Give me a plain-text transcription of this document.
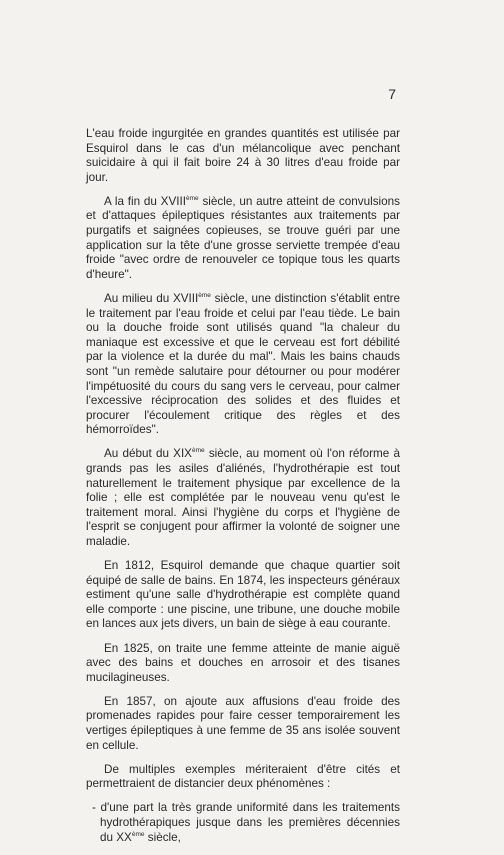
7

L'eau froide ingurgitée en grandes quantités est utilisée par Esquirol dans le cas d'un mélancolique avec penchant suicidaire à qui il fait boire 24 à 30 litres d'eau froide par jour.

A la fin du XVIIIème siècle, un autre atteint de convulsions et d'attaques épileptiques résistantes aux traitements par purgatifs et saignées copieuses, se trouve guéri par une application sur la tête d'une grosse serviette trempée d'eau froide "avec ordre de renouveler ce topique tous les quarts d'heure".

Au milieu du XVIIIème siècle, une distinction s'établit entre le traitement par l'eau froide et celui par l'eau tiède. Le bain ou la douche froide sont utilisés quand "la chaleur du maniaque est excessive et que le cerveau est fort débilité par la violence et la durée du mal". Mais les bains chauds sont "un remède salutaire pour détourner ou pour modérer l'impétuosité du cours du sang vers le cerveau, pour calmer l'excessive réciprocation des solides et des fluides et procurer l'écoulement critique des règles et des hémorroïdes".

Au début du XIXème siècle, au moment où l'on réforme à grands pas les asiles d'aliénés, l'hydrothérapie est tout naturellement le traitement physique par excellence de la folie ; elle est complétée par le nouveau venu qu'est le traitement moral. Ainsi l'hygiène du corps et l'hygiène de l'esprit se conjugent pour affirmer la volonté de soigner une maladie.

En 1812, Esquirol demande que chaque quartier soit équipé de salle de bains. En 1874, les inspecteurs généraux estiment qu'une salle d'hydrothérapie est complète quand elle comporte : une piscine, une tribune, une douche mobile en lances aux jets divers, un bain de siège à eau courante.

En 1825, on traite une femme atteinte de manie aiguë avec des bains et douches en arrosoir et des tisanes mucilagineuses.

En 1857, on ajoute aux affusions d'eau froide des promenades rapides pour faire cesser temporairement les vertiges épileptiques à une femme de 35 ans isolée souvent en cellule.

De multiples exemples mériteraient d'être cités et permettraient de distancier deux phénomènes :

- d'une part la très grande uniformité dans les traitements hydrothérapiques jusque dans les premières décennies du XXème siècle,
